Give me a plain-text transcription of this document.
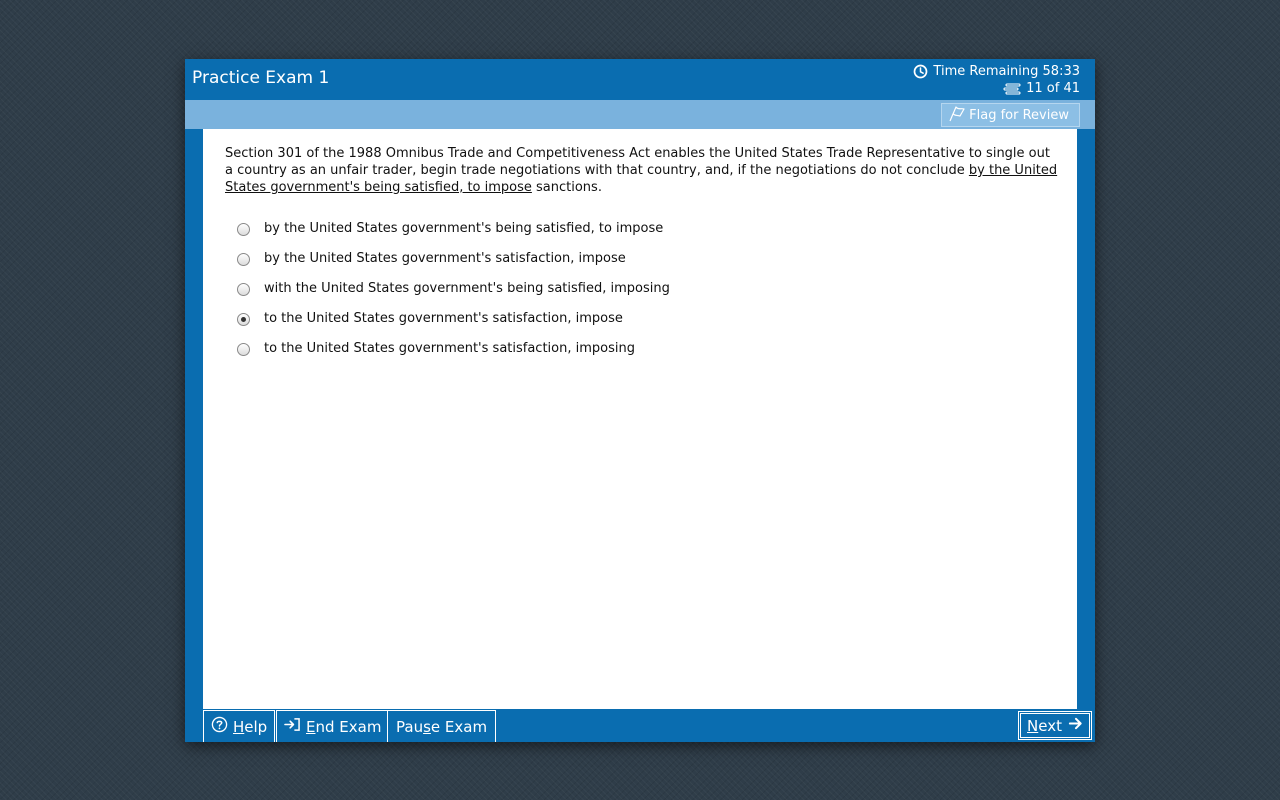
Practice Exam 1	Time Remaining 58:33
11 of 41
Flag for Review
Section 301 of the 1988 Omnibus Trade and Competitiveness Act enables the United States Trade Representative to single out a country as an unfair trader, begin trade negotiations with that country, and, if the negotiations do not conclude by the United States government's being satisfied, to impose sanctions.
by the United States government's being satisfied, to impose
by the United States government's satisfaction, impose
with the United States government's being satisfied, imposing
to the United States government's satisfaction, impose
to the United States government's satisfaction, imposing
Help	End Exam Pause Exam	Next
